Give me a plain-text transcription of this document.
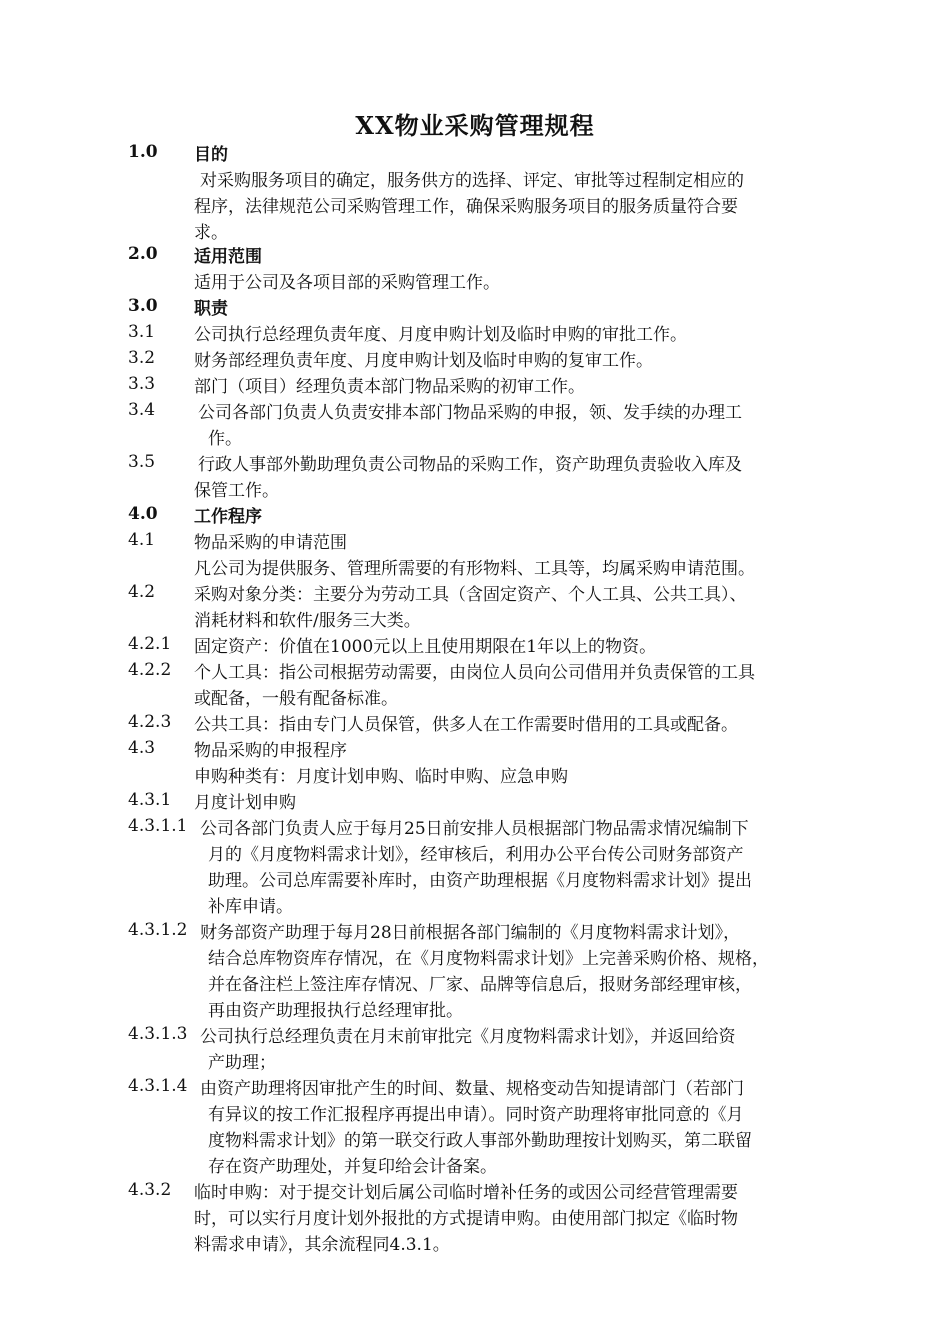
XX物业采购管理规程
1.0 目的
对采购服务项目的确定，服务供方的选择、评定、审批等过程制定相应的
程序，法律规范公司采购管理工作，确保采购服务项目的服务质量符合要
求。
2.0 适用范围
适用于公司及各项目部的采购管理工作。
3.0 职责
3.1 公司执行总经理负责年度、月度申购计划及临时申购的审批工作。
3.2 财务部经理负责年度、月度申购计划及临时申购的复审工作。
3.3 部门（项目）经理负责本部门物品采购的初审工作。
3.4	公司各部门负责人负责安排本部门物品采购的申报，领、发手续的办理工
作。
3.5	行政人事部外勤助理负责公司物品的采购工作，资产助理负责验收入库及
保管工作。
4.0 工作程序
4.1 物品采购的申请范围
凡公司为提供服务、管理所需要的有形物料、工具等，均属采购申请范围。
4.2 采购对象分类：主要分为劳动工具（含固定资产、个人工具、公共工具）、
消耗材料和软件/服务三大类。
4.2.1 固定资产：价值在1000元以上且使用期限在1年以上的物资。
4.2.2 个人工具：指公司根据劳动需要，由岗位人员向公司借用并负责保管的工具
或配备，一般有配备标准。
4.2.3 公共工具：指由专门人员保管，供多人在工作需要时借用的工具或配备。
4.3 物品采购的申报程序
申购种类有：月度计划申购、临时申购、应急申购
4.3.1 月度计划申购
4.3.1.1 公司各部门负责人应于每月25日前安排人员根据部门物品需求情况编制下
月的《月度物料需求计划》，经审核后，利用办公平台传公司财务部资产
助理。公司总库需要补库时，由资产助理根据《月度物料需求计划》提出
补库申请。
4.3.1.2 财务部资产助理于每月28日前根据各部门编制的《月度物料需求计划》，
结合总库物资库存情况，在《月度物料需求计划》上完善采购价格、规格，
并在备注栏上签注库存情况、厂家、品牌等信息后，报财务部经理审核，
再由资产助理报执行总经理审批。
4.3.1.3 公司执行总经理负责在月末前审批完《月度物料需求计划》，并返回给资
产助理；
4.3.1.4 由资产助理将因审批产生的时间、数量、规格变动告知提请部门（若部门
有异议的按工作汇报程序再提出申请）。同时资产助理将审批同意的《月
度物料需求计划》的第一联交行政人事部外勤助理按计划购买，第二联留
存在资产助理处，并复印给会计备案。
4.3.2 临时申购：对于提交计划后属公司临时增补任务的或因公司经营管理需要
时，可以实行月度计划外报批的方式提请申购。由使用部门拟定《临时物
料需求申请》，其余流程同4.3.1。
